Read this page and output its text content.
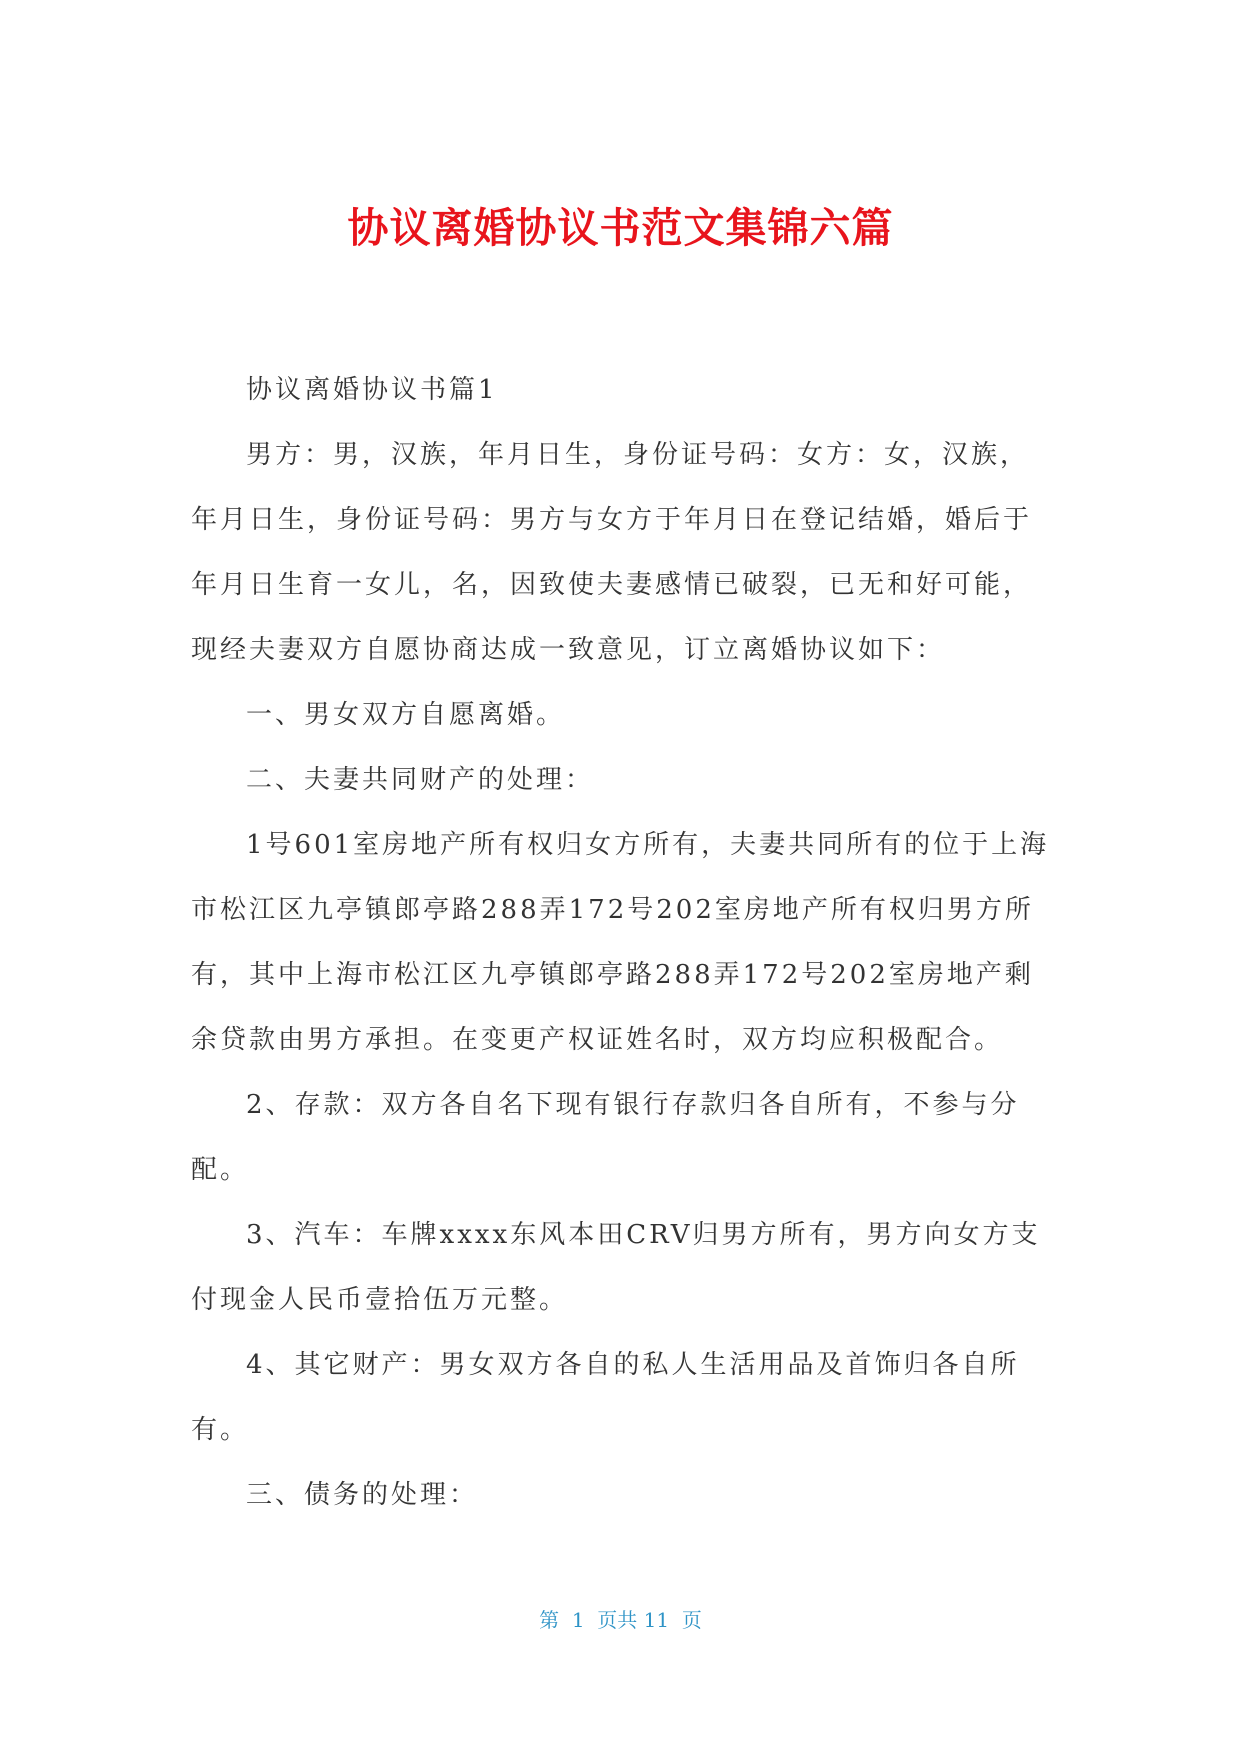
协议离婚协议书范文集锦六篇

协议离婚协议书篇1

男方：男，汉族，年月日生，身份证号码：女方：女，汉族，年月日生，身份证号码：男方与女方于年月日在登记结婚，婚后于年月日生育一女儿，名，因致使夫妻感情已破裂，已无和好可能，现经夫妻双方自愿协商达成一致意见，订立离婚协议如下：

一、男女双方自愿离婚。

二、夫妻共同财产的处理：

1号601室房地产所有权归女方所有，夫妻共同所有的位于上海市松江区九亭镇郎亭路288弄172号202室房地产所有权归男方所有，其中上海市松江区九亭镇郎亭路288弄172号202室房地产剩余贷款由男方承担。在变更产权证姓名时，双方均应积极配合。

2、存款：双方各自名下现有银行存款归各自所有，不参与分配。

3、汽车：车牌xxxx东风本田CRV归男方所有，男方向女方支付现金人民币壹拾伍万元整。

4、其它财产：男女双方各自的私人生活用品及首饰归各自所有。

三、债务的处理：

第  1  页共 11  页
